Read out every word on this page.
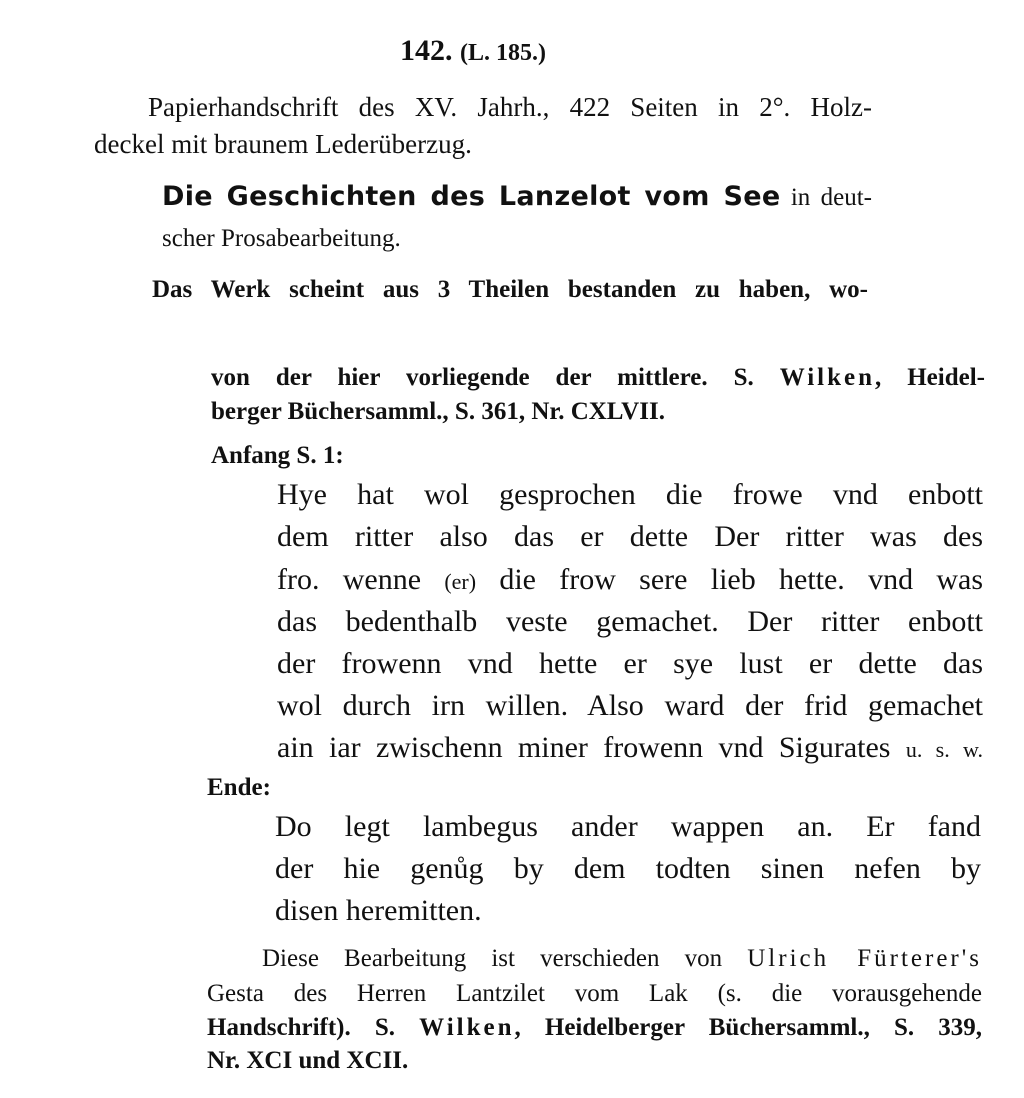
142. (L. 185.)
Papierhandschrift des XV. Jahrh., 422 Seiten in 2°. Holz-
deckel mit braunem Lederüberzug.
Die Geschichten des Lanzelot vom See in deut-
scher Prosabearbeitung.
Das Werk scheint aus 3 Theilen bestanden zu haben, wo-
von der hier vorliegende der mittlere. S. Wilken, Heidel-
berger Büchersamml., S. 361, Nr. CXLVII.
Anfang S. 1:
Hye hat wol gesprochen die frowe vnd enbott
dem ritter also das er dette Der ritter was des
fro. wenne (er) die frow sere lieb hette. vnd was
das bedenthalb veste gemachet. Der ritter enbott
der frowenn vnd hette er sye lust er dette das
wol durch irn willen. Also ward der frid gemachet
ain iar zwischenn miner frowenn vnd Sigurates u. s. w.
Ende:
Do legt lambegus ander wappen an. Er fand
der hie genůg by dem todten sinen nefen by
disen heremitten.
Diese Bearbeitung ist verschieden von Ulrich Fürterer's
Gesta des Herren Lantzilet vom Lak (s. die vorausgehende
Handschrift). S. Wilken, Heidelberger Büchersamml., S. 339,
Nr. XCI und XCII.
